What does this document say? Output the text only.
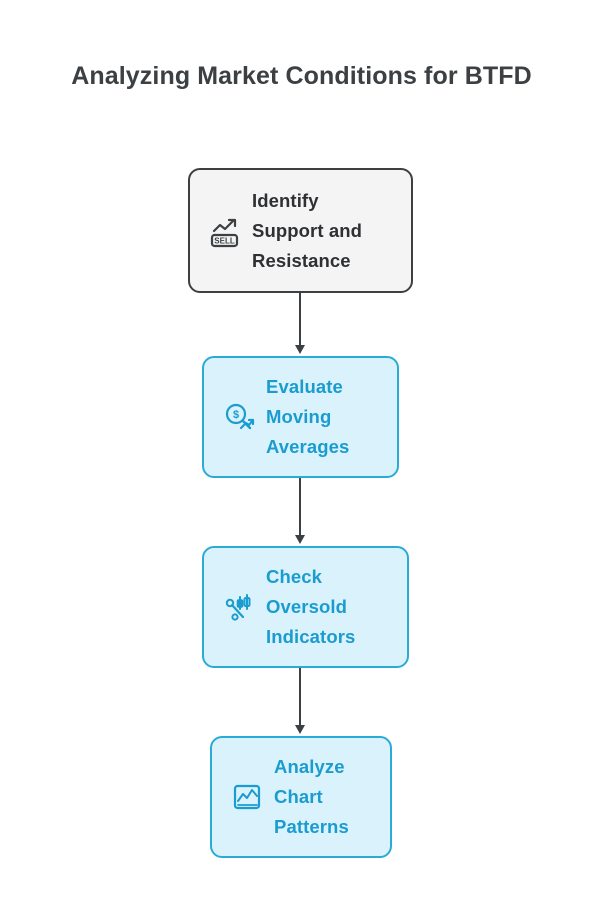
Analyzing Market Conditions for BTFD
SELL
Identify
Support and
Resistance
$
Evaluate
Moving
Averages
Check
Oversold
Indicators
Analyze
Chart
Patterns
